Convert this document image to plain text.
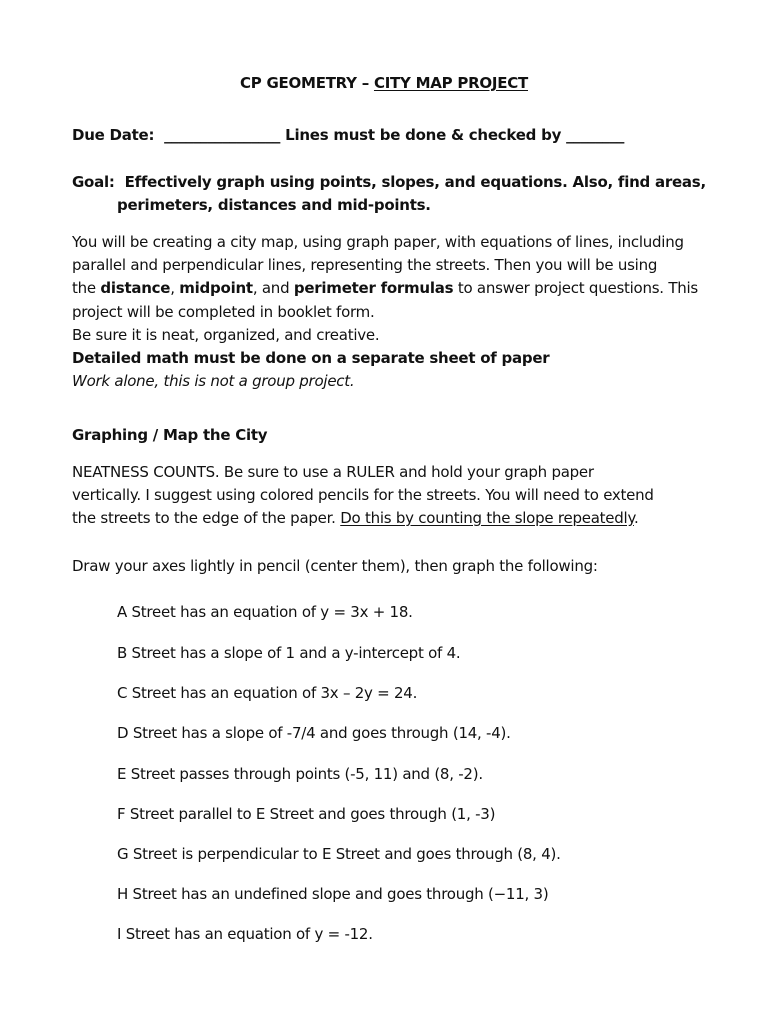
CP GEOMETRY – CITY MAP PROJECT
Due Date: ________________ Lines must be done & checked by ________
Goal: Effectively graph using points, slopes, and equations. Also, find areas,
perimeters, distances and mid-points.
You will be creating a city map, using graph paper, with equations of lines, including
parallel and perpendicular lines, representing the streets. Then you will be using
the distance, midpoint, and perimeter formulas to answer project questions. This
project will be completed in booklet form.
Be sure it is neat, organized, and creative.
Detailed math must be done on a separate sheet of paper
Work alone, this is not a group project.
Graphing / Map the City
NEATNESS COUNTS. Be sure to use a RULER and hold your graph paper
vertically. I suggest using colored pencils for the streets. You will need to extend
the streets to the edge of the paper. Do this by counting the slope repeatedly.
Draw your axes lightly in pencil (center them), then graph the following:
A Street has an equation of y = 3x + 18.
B Street has a slope of 1 and a y-intercept of 4.
C Street has an equation of 3x – 2y = 24.
D Street has a slope of -7/4 and goes through (14, -4).
E Street passes through points (-5, 11) and (8, -2).
F Street parallel to E Street and goes through (1, -3)
G Street is perpendicular to E Street and goes through (8, 4).
H Street has an undefined slope and goes through (−11, 3)
I Street has an equation of y = -12.
